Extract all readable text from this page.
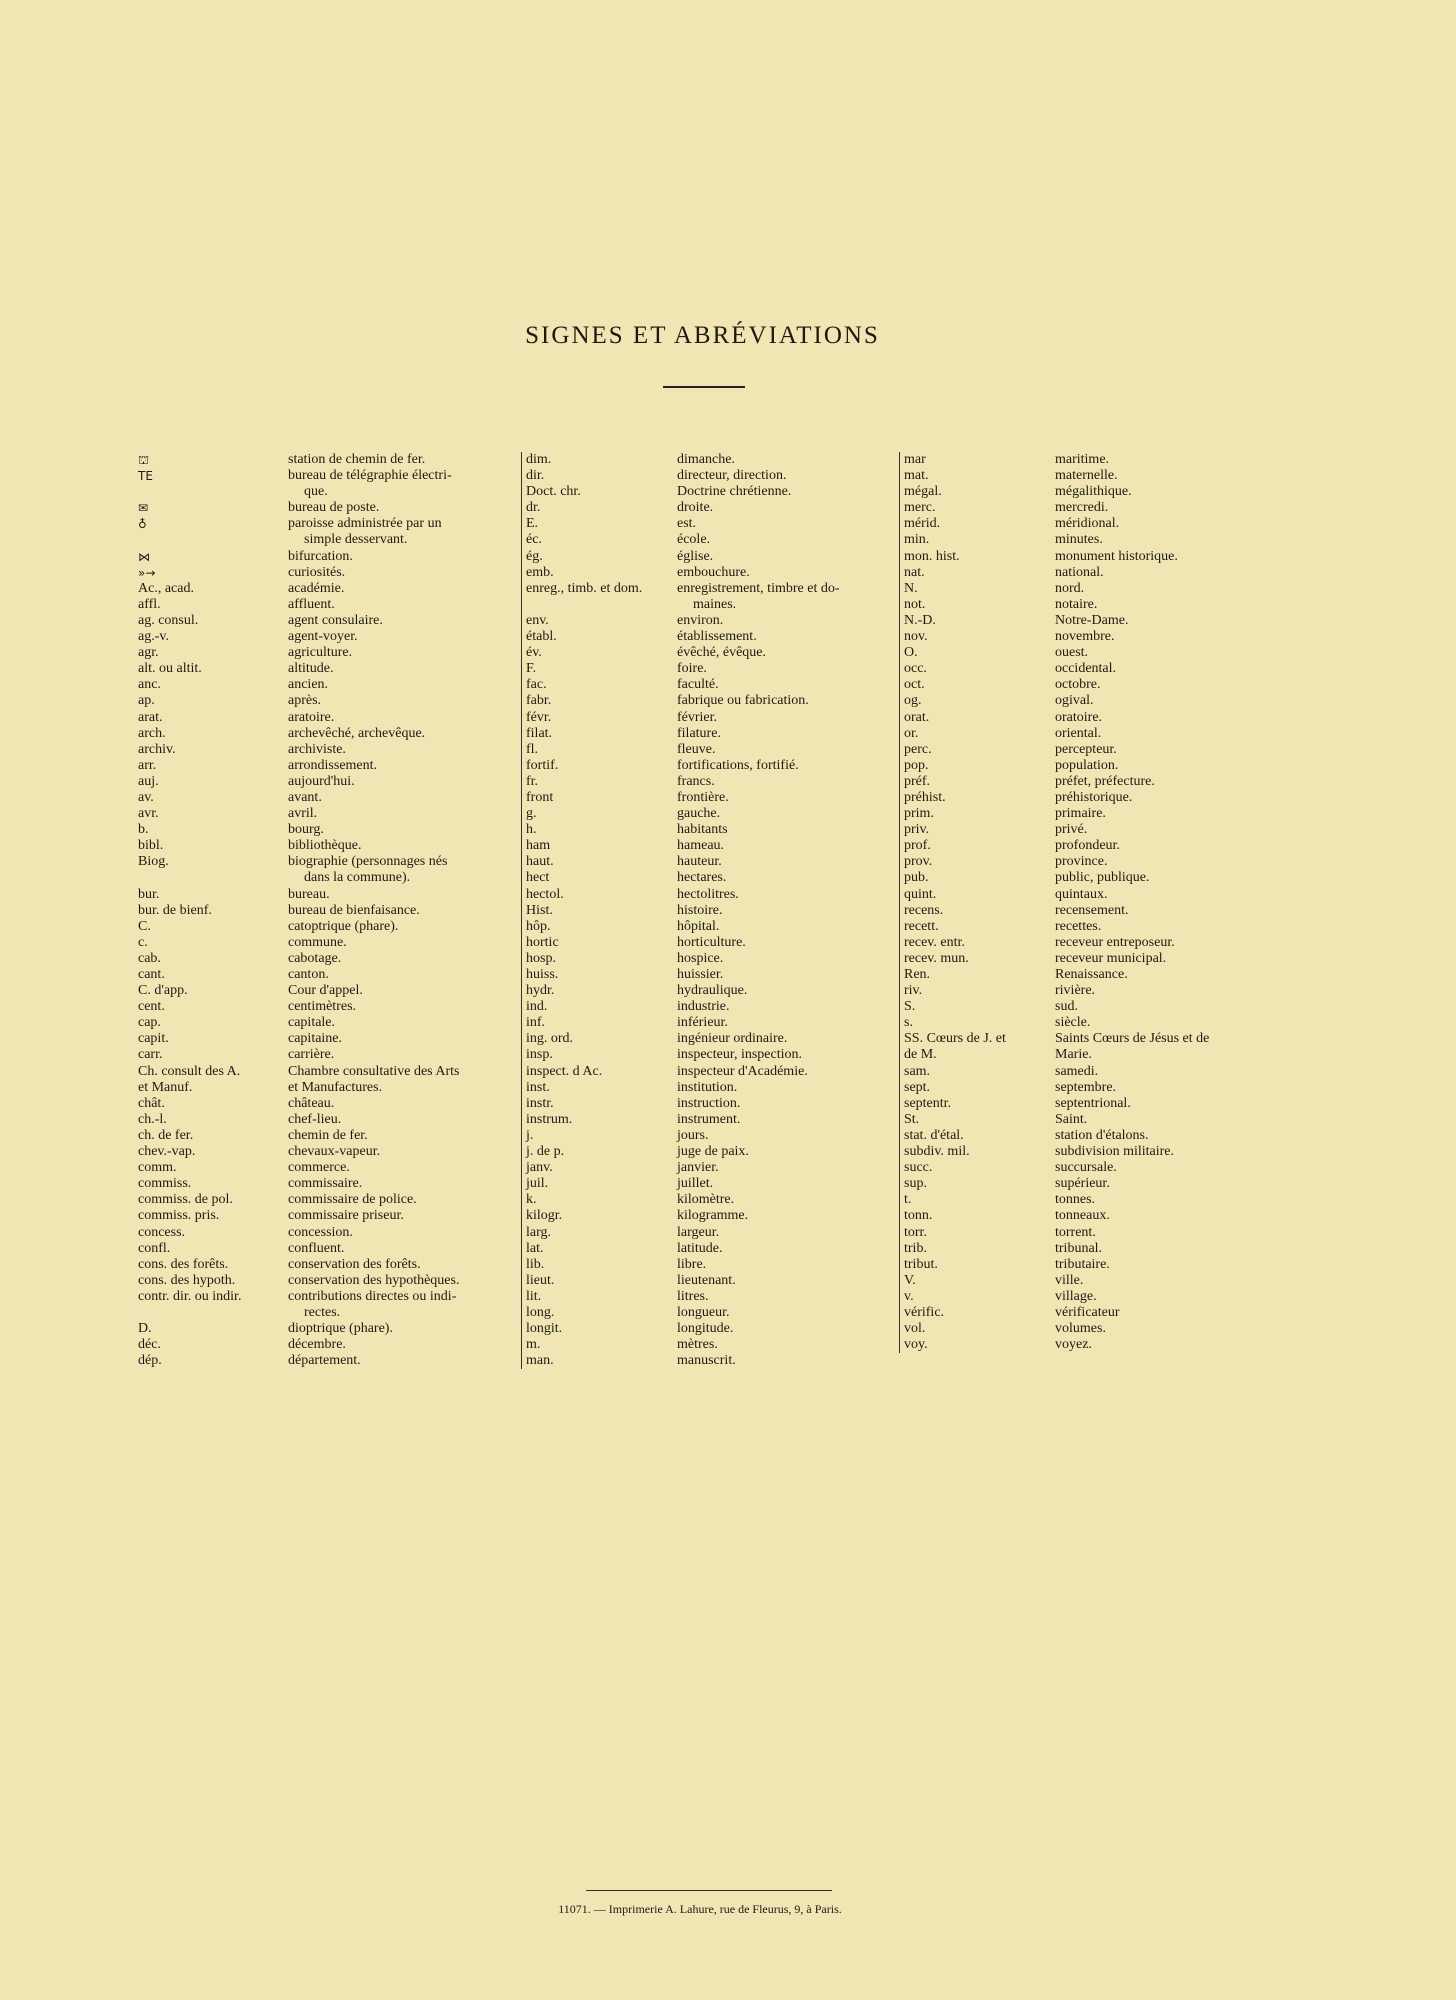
SIGNES ET ABRÉVIATIONS
⛫	station de chemin de fer.
TE	bureau de télégraphie électri-
que.
✉	bureau de poste.
♁	paroisse administrée par un
simple desservant.
⋈	bifurcation.
»→	curiosités.
Ac., acad.	académie.
affl.	affluent.
ag. consul.	agent consulaire.
ag.-v.	agent-voyer.
agr.	agriculture.
alt. ou altit.	altitude.
anc.	ancien.
ap.	après.
arat.	aratoire.
arch.	archevêché, archevêque.
archiv.	archiviste.
arr.	arrondissement.
auj.	aujourd'hui.
av.	avant.
avr.	avril.
b.	bourg.
bibl.	bibliothèque.
Biog.	biographie (personnages nés
dans la commune).
bur.	bureau.
bur. de bienf.	bureau de bienfaisance.
C.	catoptrique (phare).
c.	commune.
cab.	cabotage.
cant.	canton.
C. d'app.	Cour d'appel.
cent.	centimètres.
cap.	capitale.
capit.	capitaine.
carr.	carrière.
Ch. consult des A.	Chambre consultative des Arts
et Manuf.	et Manufactures.
chât.	château.
ch.-l.	chef-lieu.
ch. de fer.	chemin de fer.
chev.-vap.	chevaux-vapeur.
comm.	commerce.
commiss.	commissaire.
commiss. de pol.	commissaire de police.
commiss. pris.	commissaire priseur.
concess.	concession.
confl.	confluent.
cons. des forêts.	conservation des forêts.
cons. des hypoth.	conservation des hypothèques.
contr. dir. ou indir.	contributions directes ou indi-
rectes.
D.	dioptrique (phare).
déc.	décembre.
dép.	département.
dim.	dimanche.
dir.	directeur, direction.
Doct. chr.	Doctrine chrétienne.
dr.	droite.
E.	est.
éc.	école.
ég.	église.
emb.	embouchure.
enreg., timb. et dom.	enregistrement, timbre et do-
maines.
env.	environ.
établ.	établissement.
év.	évêché, évêque.
F.	foire.
fac.	faculté.
fabr.	fabrique ou fabrication.
févr.	février.
filat.	filature.
fl.	fleuve.
fortif.	fortifications, fortifié.
fr.	francs.
front	frontière.
g.	gauche.
h.	habitants
ham	hameau.
haut.	hauteur.
hect	hectares.
hectol.	hectolitres.
Hist.	histoire.
hôp.	hôpital.
hortic	horticulture.
hosp.	hospice.
huiss.	huissier.
hydr.	hydraulique.
ind.	industrie.
inf.	inférieur.
ing. ord.	ingénieur ordinaire.
insp.	inspecteur, inspection.
inspect. d Ac.	inspecteur d'Académie.
inst.	institution.
instr.	instruction.
instrum.	instrument.
j.	jours.
j. de p.	juge de paix.
janv.	janvier.
juil.	juillet.
k.	kilomètre.
kilogr.	kilogramme.
larg.	largeur.
lat.	latitude.
lib.	libre.
lieut.	lieutenant.
lit.	litres.
long.	longueur.
longit.	longitude.
m.	mètres.
man.	manuscrit.
mar	maritime.
mat.	maternelle.
mégal.	mégalithique.
merc.	mercredi.
mérid.	méridional.
min.	minutes.
mon. hist.	monument historique.
nat.	national.
N.	nord.
not.	notaire.
N.-D.	Notre-Dame.
nov.	novembre.
O.	ouest.
occ.	occidental.
oct.	octobre.
og.	ogival.
orat.	oratoire.
or.	oriental.
perc.	percepteur.
pop.	population.
préf.	préfet, préfecture.
préhist.	préhistorique.
prim.	primaire.
priv.	privé.
prof.	profondeur.
prov.	province.
pub.	public, publique.
quint.	quintaux.
recens.	recensement.
recett.	recettes.
recev. entr.	receveur entreposeur.
recev. mun.	receveur municipal.
Ren.	Renaissance.
riv.	rivière.
S.	sud.
s.	siècle.
SS. Cœurs de J. et	Saints Cœurs de Jésus et de
de M.	Marie.
sam.	samedi.
sept.	septembre.
septentr.	septentrional.
St.	Saint.
stat. d'étal.	station d'étalons.
subdiv. mil.	subdivision militaire.
succ.	succursale.
sup.	supérieur.
t.	tonnes.
tonn.	tonneaux.
torr.	torrent.
trib.	tribunal.
tribut.	tributaire.
V.	ville.
v.	village.
vérific.	vérificateur
vol.	volumes.
voy.	voyez.
11071. — Imprimerie A. Lahure, rue de Fleurus, 9, à Paris.
